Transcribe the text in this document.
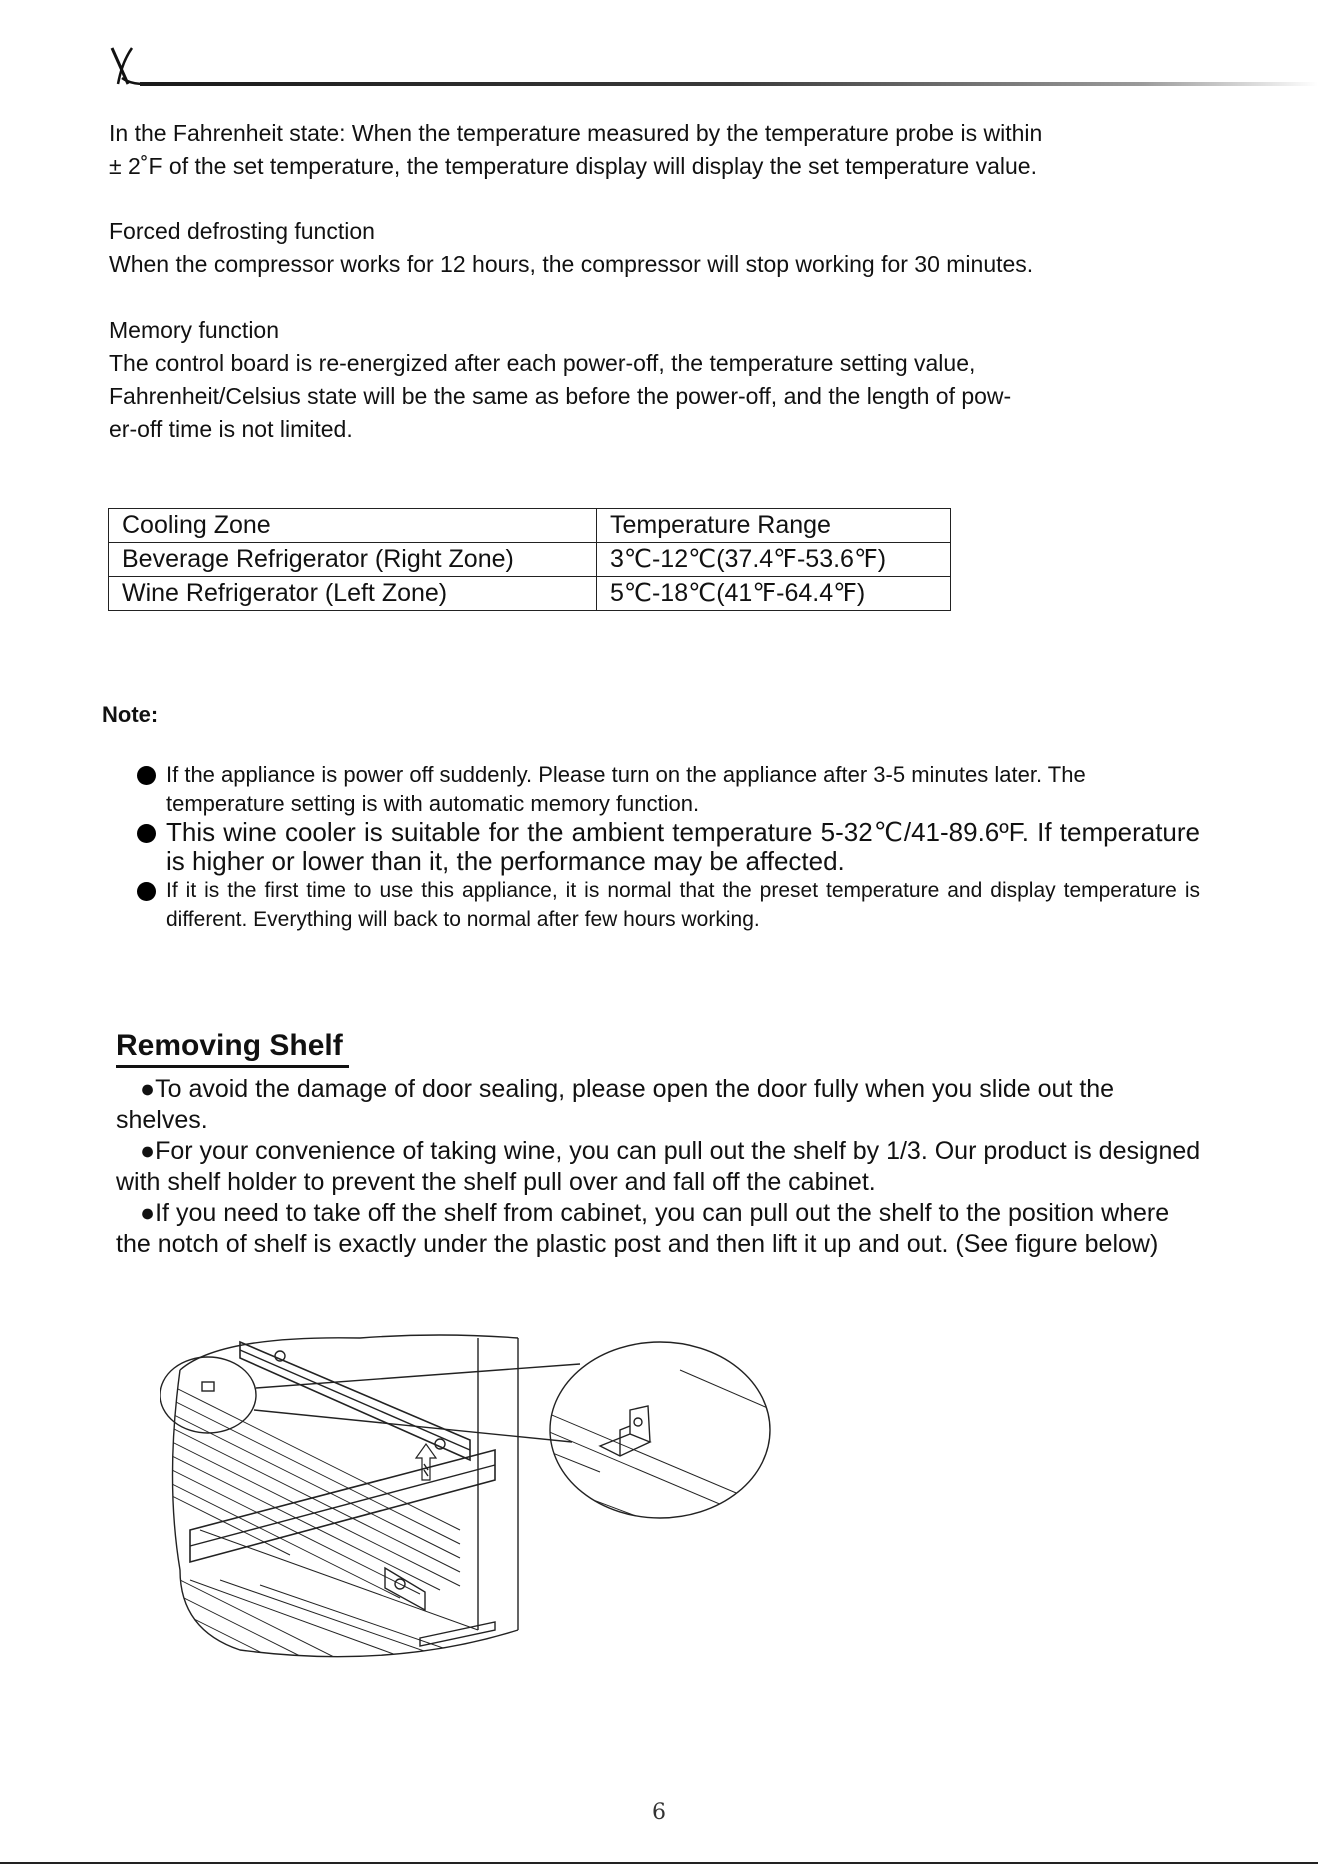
In the Fahrenheit state: When the temperature measured by the temperature probe is within

± 2˚F of the set temperature, the temperature display will display the set temperature value.

Forced defrosting function

When the compressor works for 12 hours, the compressor will stop working for 30 minutes.

Memory function

The control board is re-energized after each power-off, the temperature setting value,

Fahrenheit/Celsius state will be the same as before the power-off, and the length of pow-

er-off time is not limited.

Cooling Zone	Temperature Range
Beverage Refrigerator (Right Zone)	3℃-12℃(37.4℉-53.6℉)
Wine Refrigerator (Left Zone)	5℃-18℃(41℉-64.4℉)
Note:
If the appliance is power off suddenly. Please turn on the appliance after 3-5 minutes later. The temperature setting is with automatic memory function.
This wine cooler is suitable for the ambient temperature 5-32℃/41-89.6ºF. If temperature is higher or lower than it, the performance may be affected.
If it is the first time to use this appliance, it is normal that the preset temperature and display temperature is different. Everything will back to normal after few hours working.
Removing Shelf

●To avoid the damage of door sealing, please open the door fully when you slide out the shelves.

●For your convenience of taking wine, you can pull out the shelf by 1/3. Our product is designed with shelf holder to prevent the shelf pull over and fall off the cabinet.

●If you need to take off the shelf from cabinet, you can pull out the shelf to the position where the notch of shelf is exactly under the plastic post and then lift it up and out. (See figure below)

6
